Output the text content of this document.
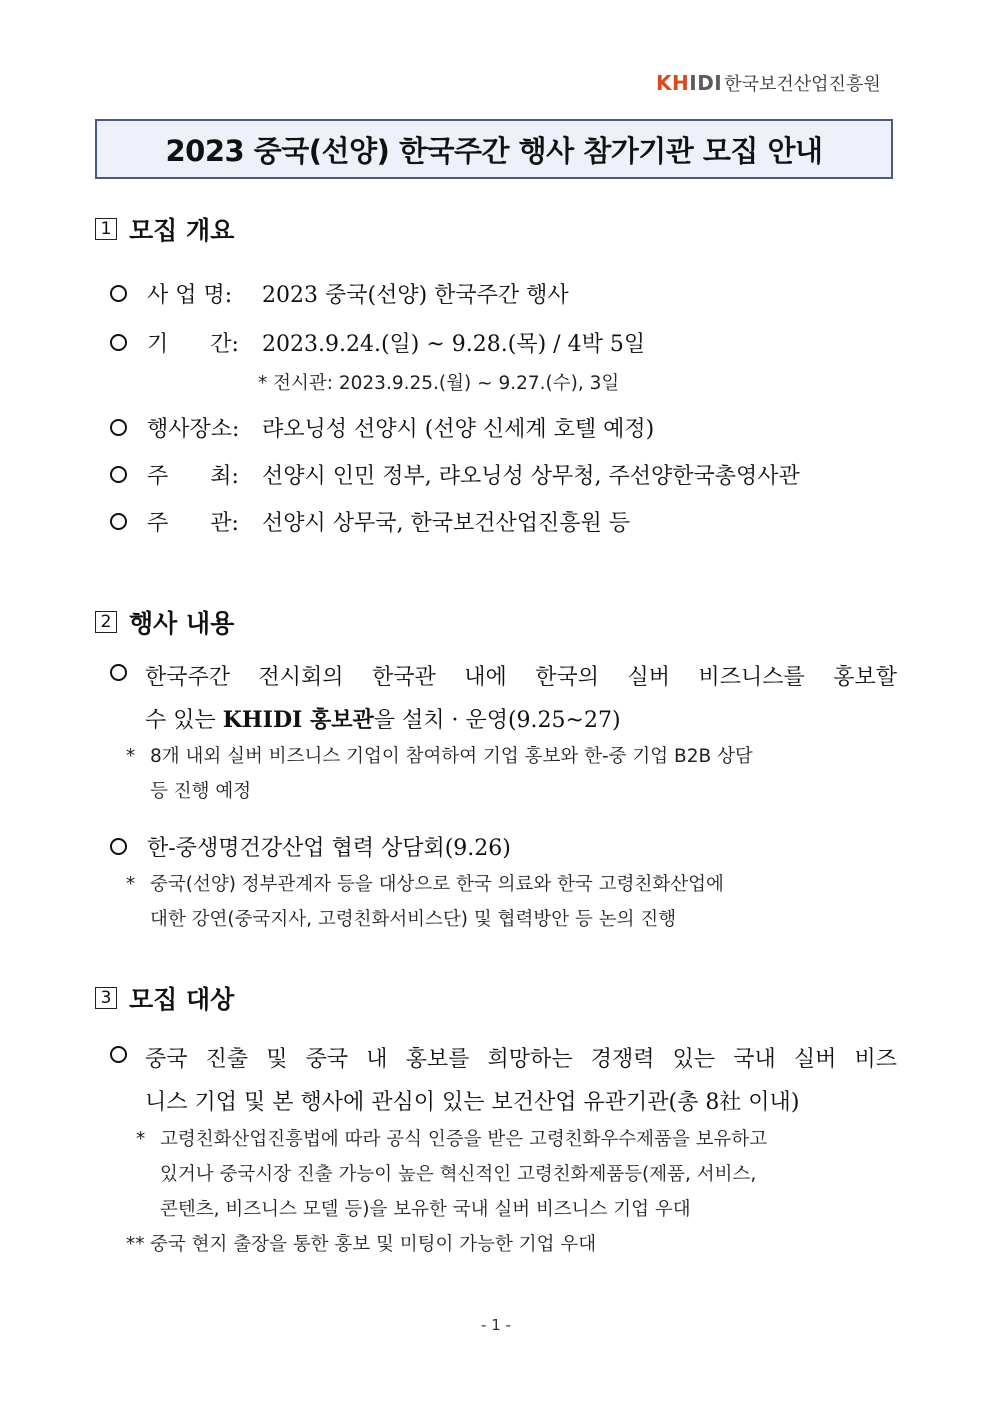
KHIDI 한국보건산업진흥원
2023 중국(선양) 한국주간 행사 참가기관 모집 안내
1 모집 개요
사 업 명: 2023 중국(선양) 한국주간 행사
기      간: 2023.9.24.(일) ~ 9.28.(목) / 4박 5일
* 전시관: 2023.9.25.(월) ~ 9.27.(수), 3일
행사장소: 랴오닝성 선양시 (선양 신세계 호텔 예정)
주      최: 선양시 인민 정부, 랴오닝성 상무청, 주선양한국총영사관
주      관: 선양시 상무국, 한국보건산업진흥원 등
2 행사 내용
한국주간 전시회의 한국관 내에 한국의 실버 비즈니스를 홍보할
수 있는 KHIDI 홍보관을 설치 · 운영(9.25~27)
* 8개 내외 실버 비즈니스 기업이 참여하여 기업 홍보와 한-중 기업 B2B 상담
등 진행 예정
한-중생명건강산업 협력 상담회(9.26)
* 중국(선양) 정부관계자 등을 대상으로 한국 의료와 한국 고령친화산업에
대한 강연(중국지사, 고령친화서비스단) 및 협력방안 등 논의 진행
3 모집 대상
중국 진출 및 중국 내 홍보를 희망하는 경쟁력 있는 국내 실버 비즈
니스 기업 및 본 행사에 관심이 있는 보건산업 유관기관(총 8社 이내)
* 고령친화산업진흥법에 따라 공식 인증을 받은 고령친화우수제품을 보유하고
있거나 중국시장 진출 가능이 높은 혁신적인 고령친화제품등(제품, 서비스,
콘텐츠, 비즈니스 모델 등)을 보유한 국내 실버 비즈니스 기업 우대
** 중국 현지 출장을 통한 홍보 및 미팅이 가능한 기업 우대
- 1 -
